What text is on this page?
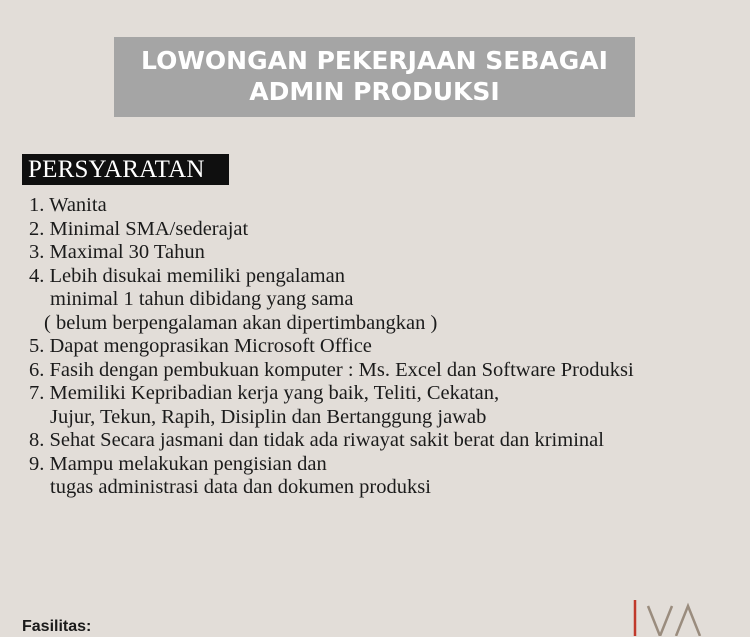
LOWONGAN PEKERJAAN SEBAGAI
ADMIN PRODUKSI
PERSYARATAN
1. Wanita
2. Minimal SMA/sederajat
3. Maximal 30 Tahun
4. Lebih disukai memiliki pengalaman
minimal 1 tahun dibidang yang sama
( belum berpengalaman akan dipertimbangkan )
5. Dapat mengoprasikan Microsoft Office
6. Fasih dengan pembukuan komputer : Ms. Excel dan Software Produksi
7. Memiliki Kepribadian kerja yang baik, Teliti, Cekatan,
Jujur, Tekun, Rapih, Disiplin dan Bertanggung jawab
8. Sehat Secara jasmani dan tidak ada riwayat sakit berat dan kriminal
9. Mampu melakukan pengisian dan
tugas administrasi data dan dokumen produksi
Fasilitas:
